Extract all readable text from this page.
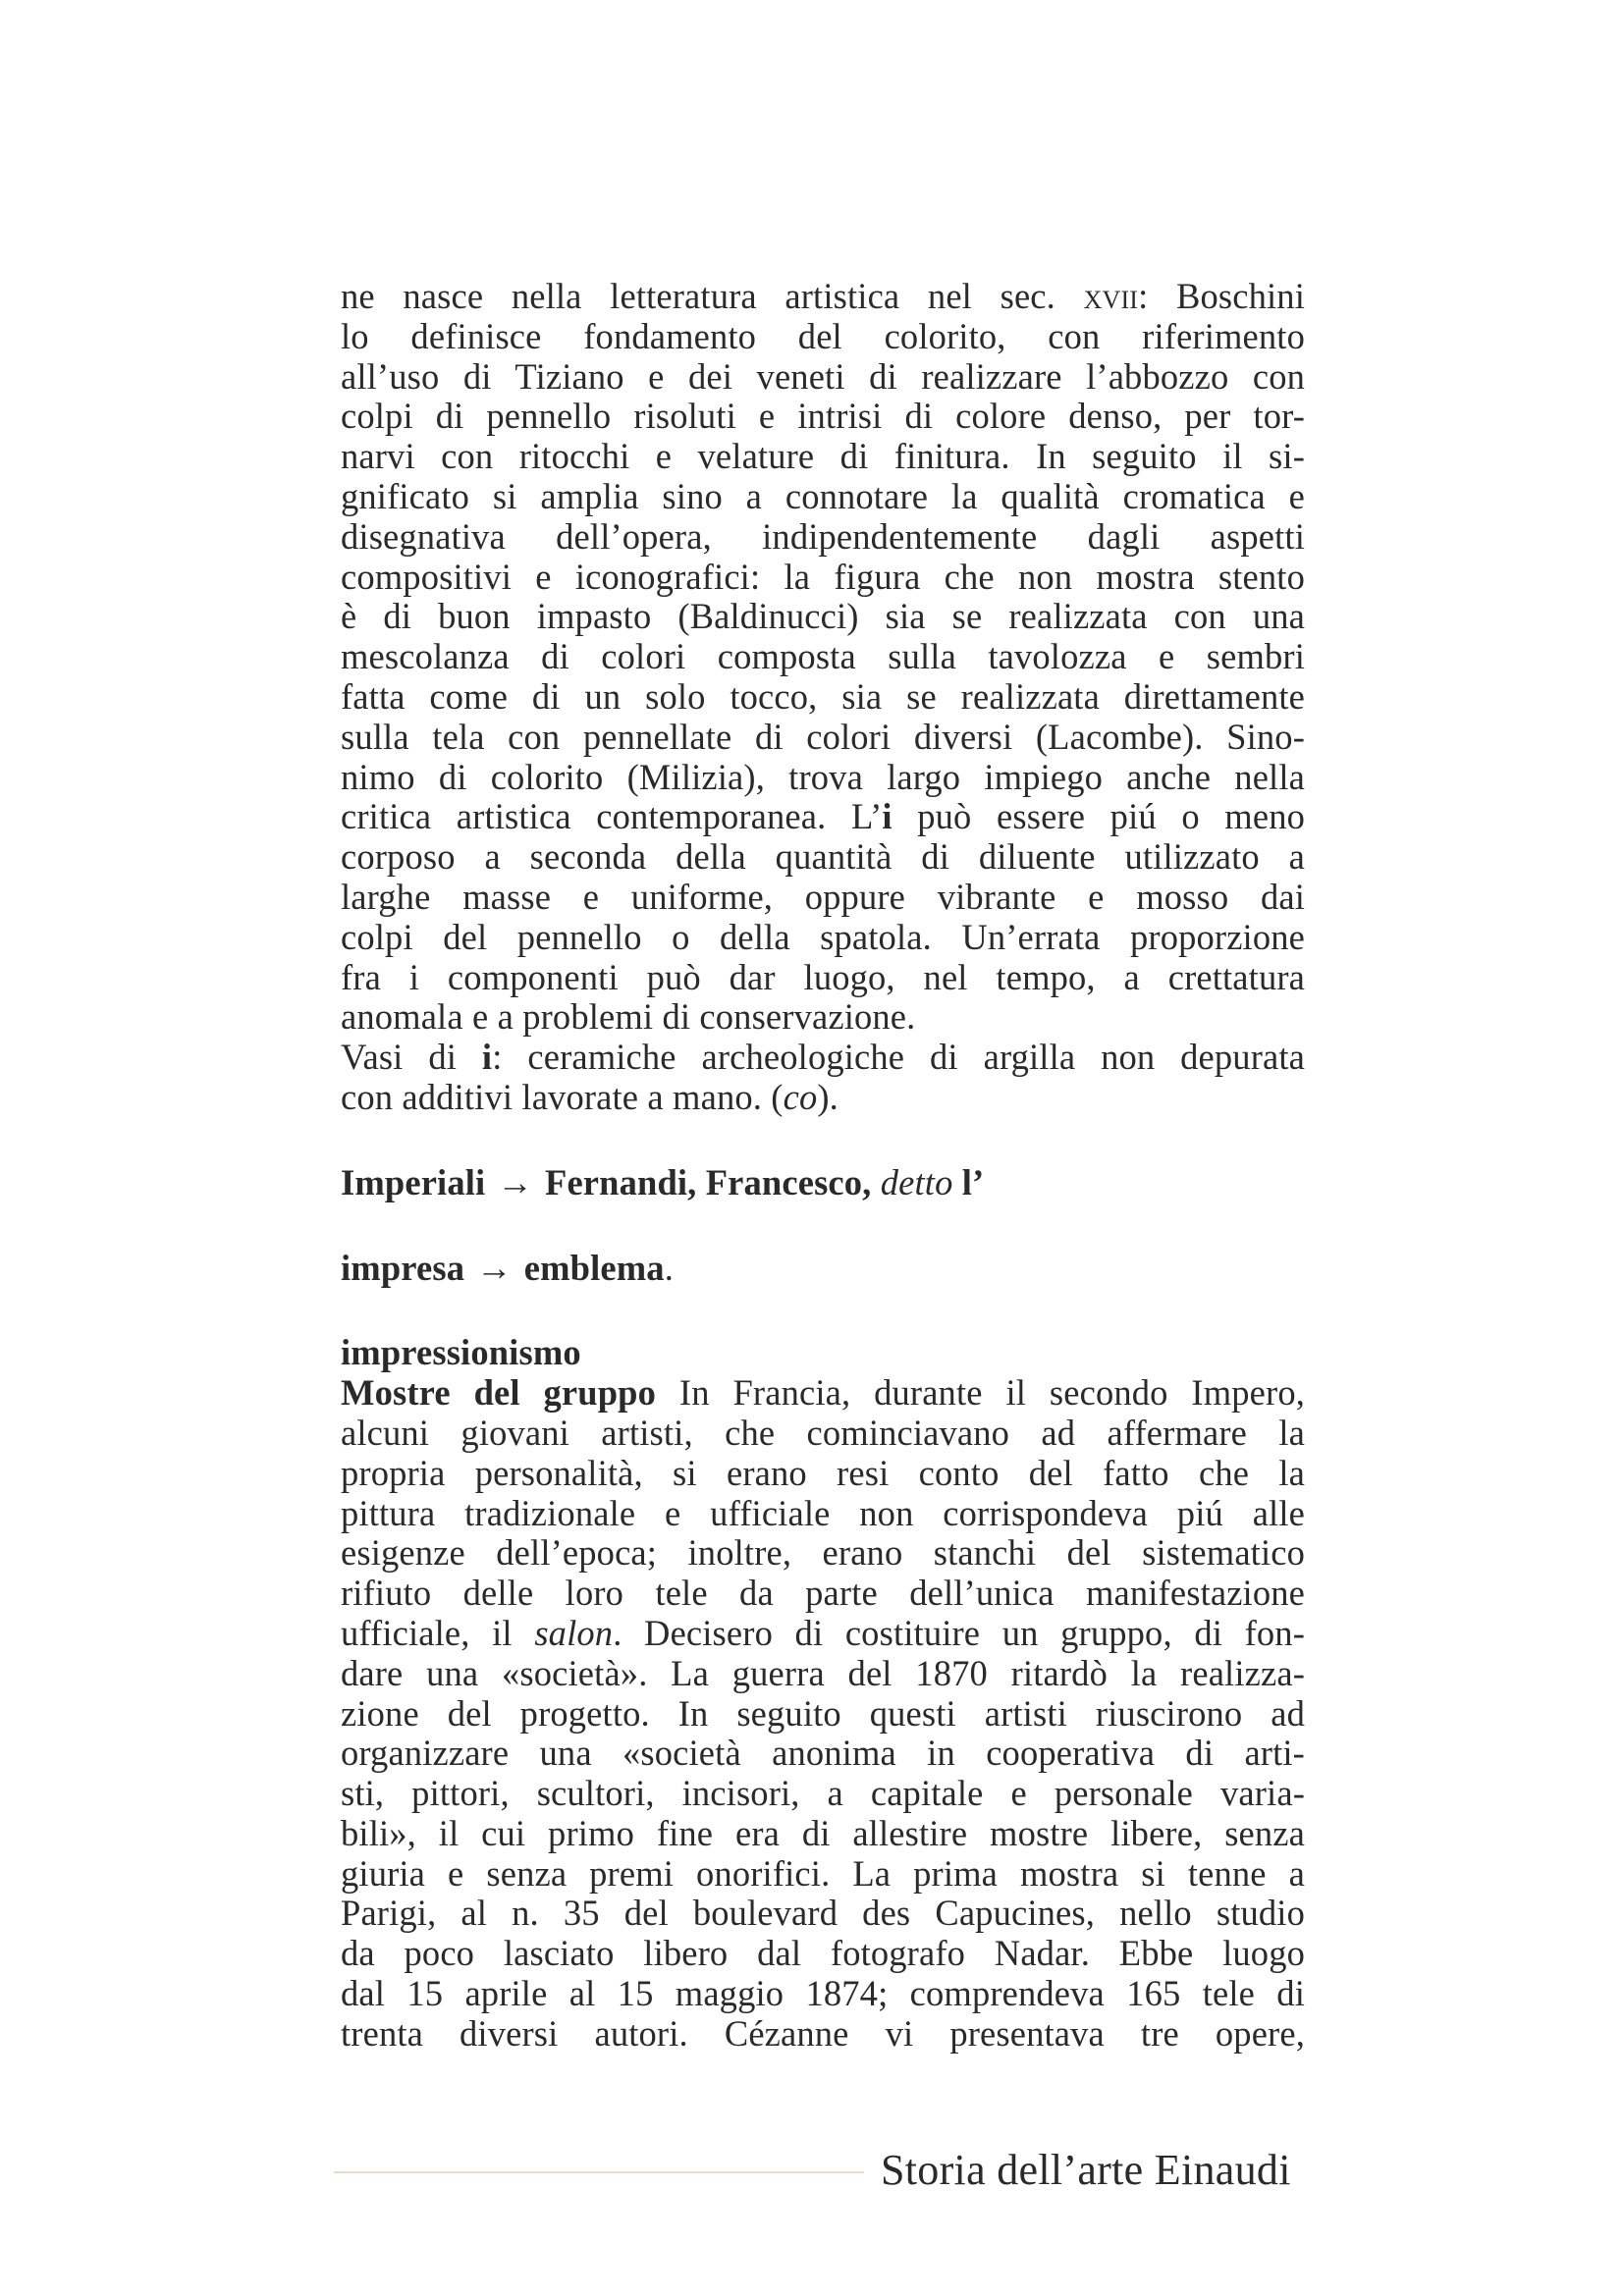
ne nasce nella letteratura artistica nel sec. xvii: Boschini
lo definisce fondamento del colorito, con riferimento
all’uso di Tiziano e dei veneti di realizzare l’abbozzo con
colpi di pennello risoluti e intrisi di colore denso, per tor-
narvi con ritocchi e velature di finitura. In seguito il si-
gnificato si amplia sino a connotare la qualità cromatica e
disegnativa dell’opera, indipendentemente dagli aspetti
compositivi e iconografici: la figura che non mostra stento
è di buon impasto (Baldinucci) sia se realizzata con una
mescolanza di colori composta sulla tavolozza e sembri
fatta come di un solo tocco, sia se realizzata direttamente
sulla tela con pennellate di colori diversi (Lacombe). Sino-
nimo di colorito (Milizia), trova largo impiego anche nella
critica artistica contemporanea. L’i può essere piú o meno
corposo a seconda della quantità di diluente utilizzato a
larghe masse e uniforme, oppure vibrante e mosso dai
colpi del pennello o della spatola. Un’errata proporzione
fra i componenti può dar luogo, nel tempo, a crettatura
anomala e a problemi di conservazione.
Vasi di i: ceramiche archeologiche di argilla non depurata
con additivi lavorate a mano. (co).
Imperiali → Fernandi, Francesco, detto l’
impresa → emblema.
impressionismo
Mostre del gruppo In Francia, durante il secondo Impero,
alcuni giovani artisti, che cominciavano ad affermare la
propria personalità, si erano resi conto del fatto che la
pittura tradizionale e ufficiale non corrispondeva piú alle
esigenze dell’epoca; inoltre, erano stanchi del sistematico
rifiuto delle loro tele da parte dell’unica manifestazione
ufficiale, il salon. Decisero di costituire un gruppo, di fon-
dare una «società». La guerra del 1870 ritardò la realizza-
zione del progetto. In seguito questi artisti riuscirono ad
organizzare una «società anonima in cooperativa di arti-
sti, pittori, scultori, incisori, a capitale e personale varia-
bili», il cui primo fine era di allestire mostre libere, senza
giuria e senza premi onorifici. La prima mostra si tenne a
Parigi, al n. 35 del boulevard des Capucines, nello studio
da poco lasciato libero dal fotografo Nadar. Ebbe luogo
dal 15 aprile al 15 maggio 1874; comprendeva 165 tele di
trenta diversi autori. Cézanne vi presentava tre opere,
Storia dell’arte Einaudi
